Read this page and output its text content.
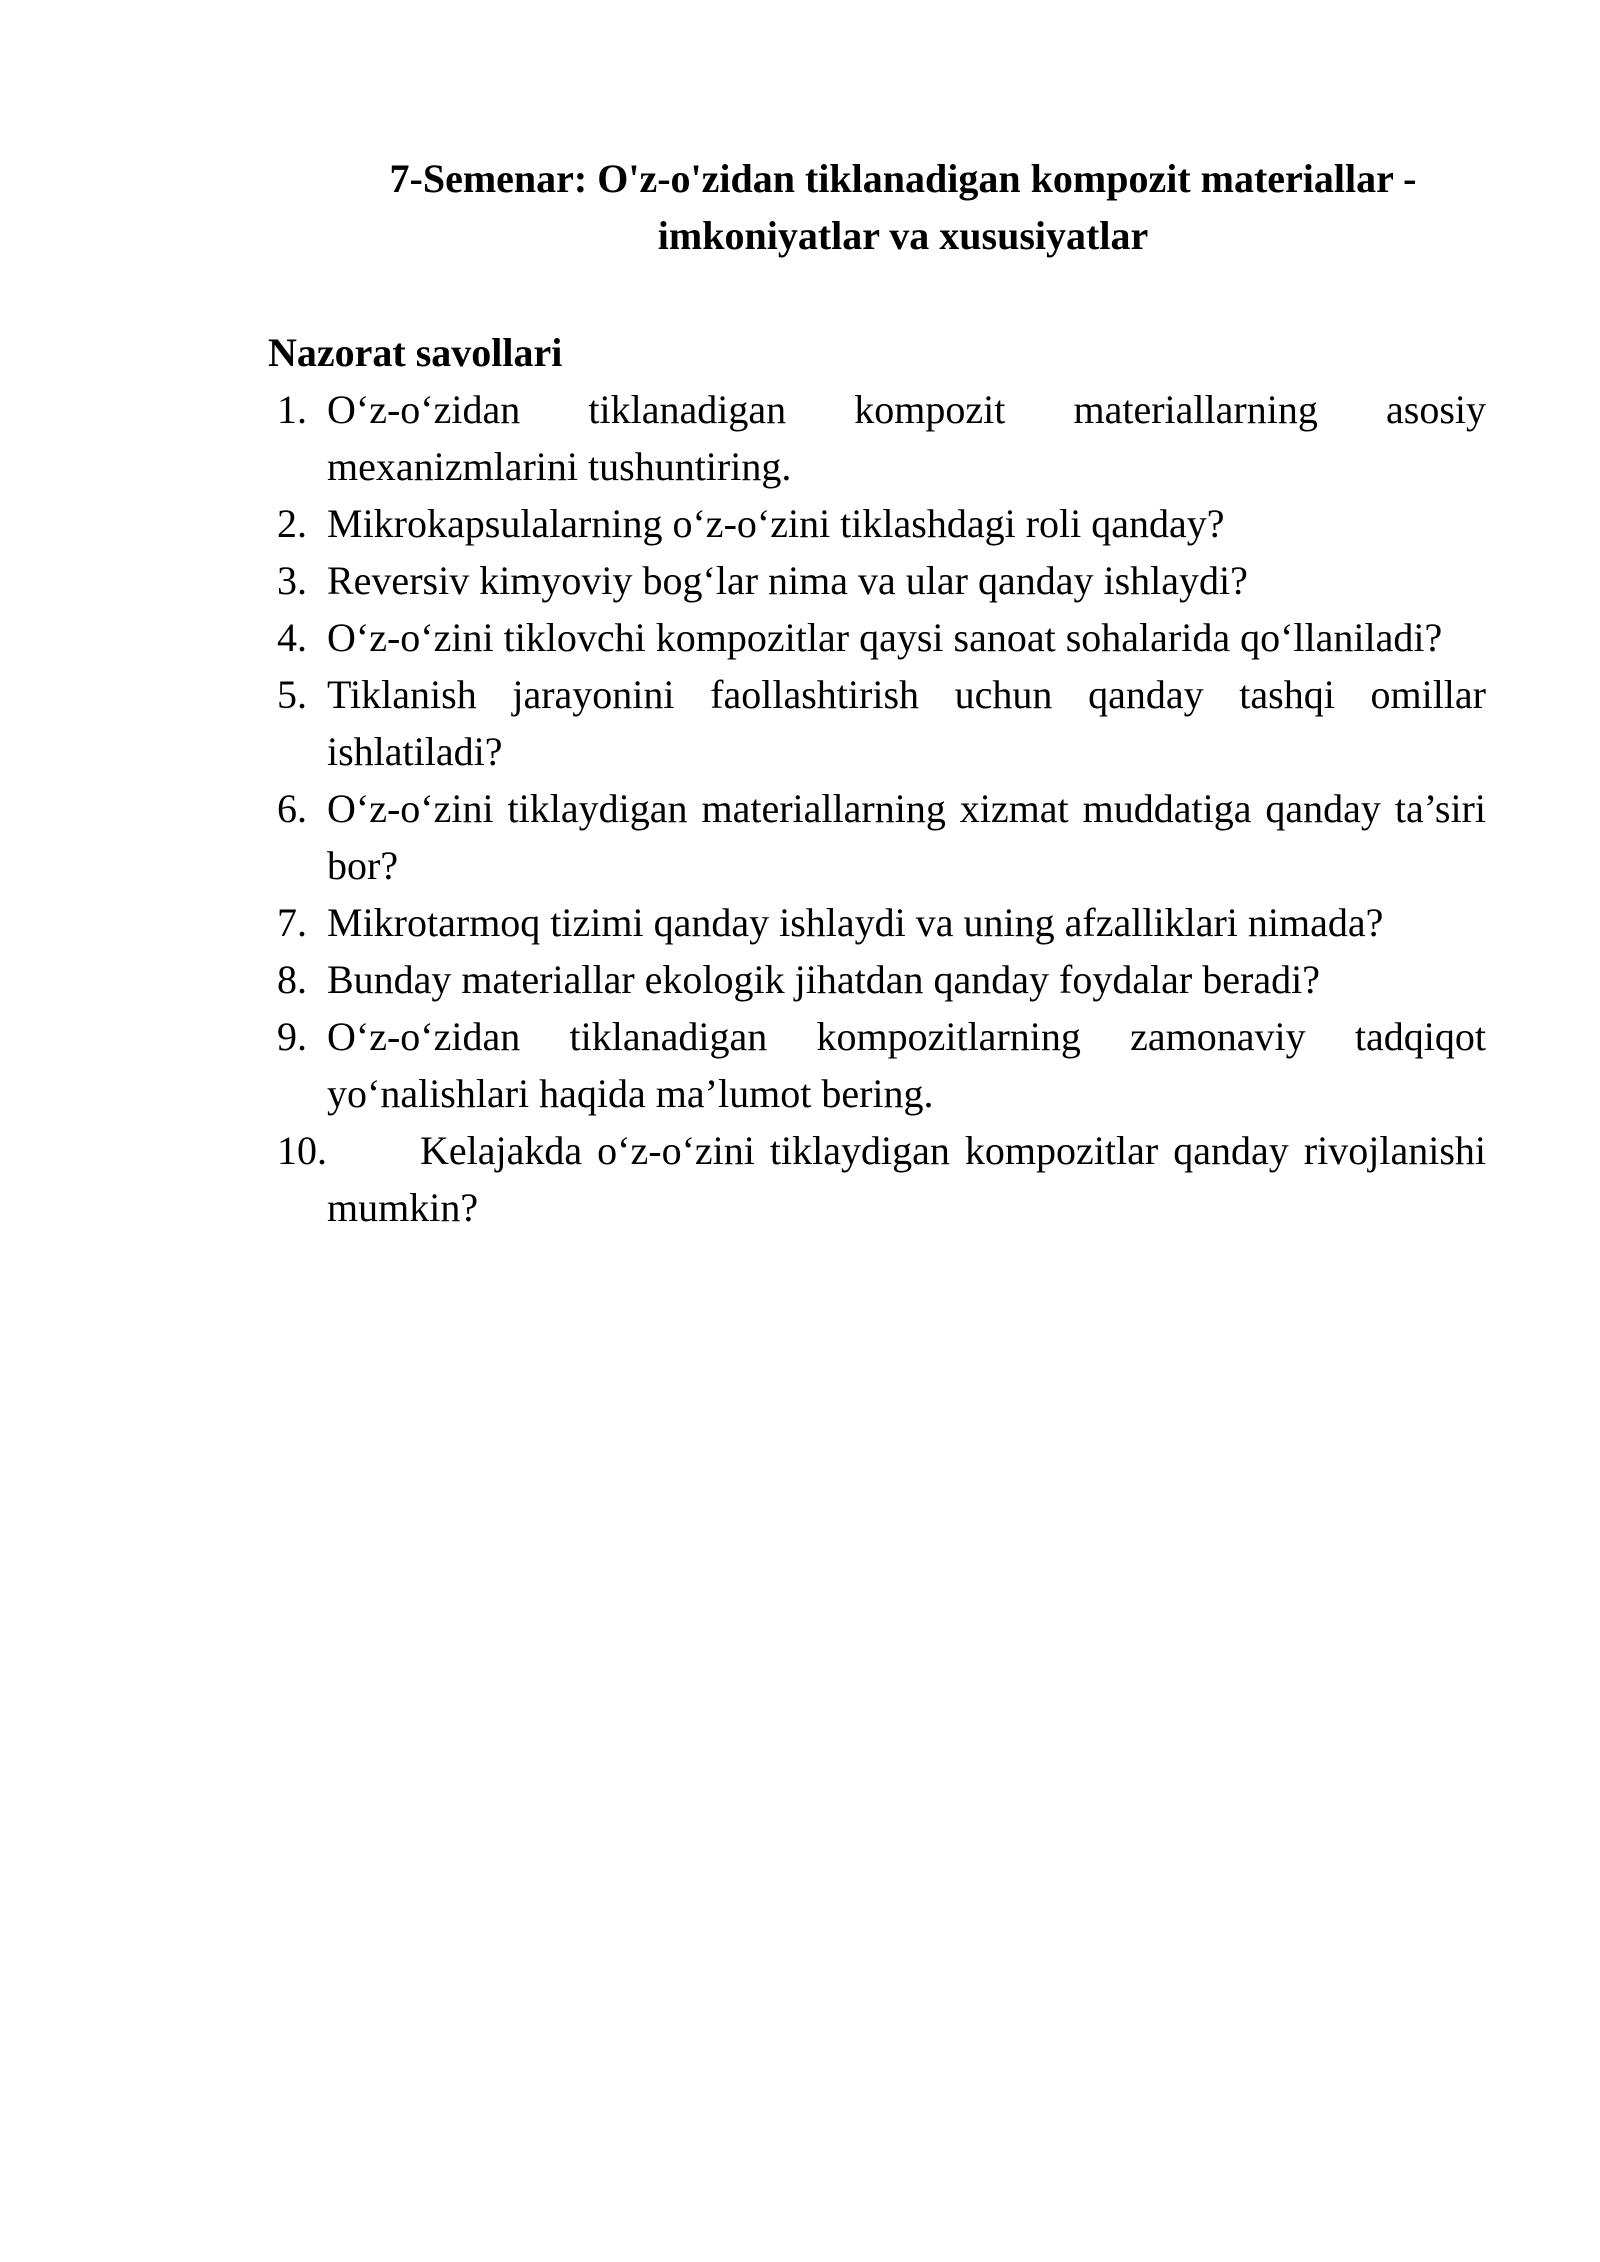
7-Semenar: O'z-o'zidan tiklanadigan kompozit materiallar - imkoniyatlar va xususiyatlar
Nazorat savollari
1. O‘z-o‘zidan tiklanadigan kompozit materiallarning asosiy mexanizmlarini tushuntiring.
2. Mikrokapsulalarning o‘z-o‘zini tiklashdagi roli qanday?
3. Reversiv kimyoviy bog‘lar nima va ular qanday ishlaydi?
4. O‘z-o‘zini tiklovchi kompozitlar qaysi sanoat sohalarida qo‘llaniladi?
5. Tiklanish jarayonini faollashtirish uchun qanday tashqi omillar ishlatiladi?
6. O‘z-o‘zini tiklaydigan materiallarning xizmat muddatiga qanday ta’siri bor?
7. Mikrotarmoq tizimi qanday ishlaydi va uning afzalliklari nimada?
8. Bunday materiallar ekologik jihatdan qanday foydalar beradi?
9. O‘z-o‘zidan tiklanadigan kompozitlarning zamonaviy tadqiqot yo‘nalishlari haqida ma’lumot bering.
10.	Kelajakda o‘z-o‘zini tiklaydigan kompozitlar qanday rivojlanishi mumkin?
